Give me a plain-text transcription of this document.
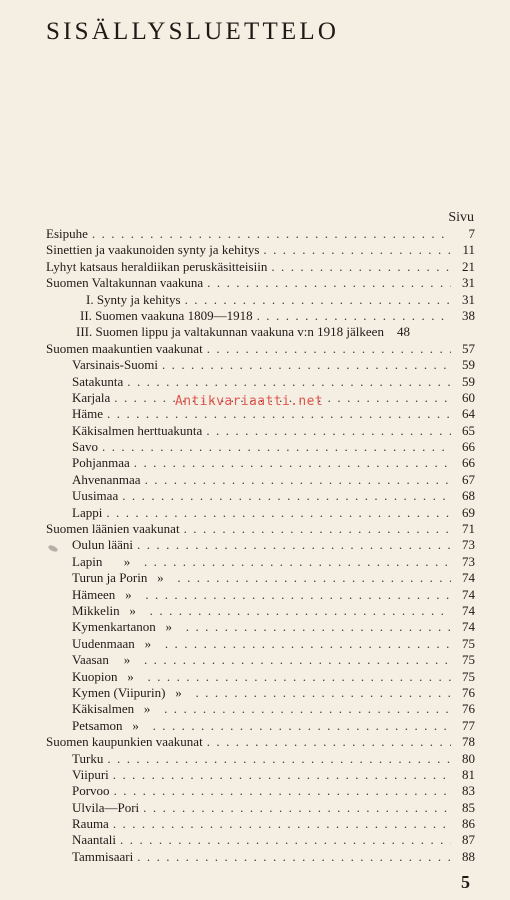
SISÄLLYSLUETTELO
Sivu
Esipuhe . . .	7
Sinettien ja vaakunoiden synty ja kehitys . . .	11
Lyhyt katsaus heraldiikan peruskäsitteisiin . . .	21
Suomen Valtakunnan vaakuna . . .	31
I. Synty ja kehitys . . .	31
II. Suomen vaakuna 1809—1918 . . .	38
III. Suomen lippu ja valtakunnan vaakuna v:n 1918 jälkeen	48
Suomen maakuntien vaakunat . . .	57
Varsinais-Suomi . . .	59
Satakunta . . .	59
Karjala . . .	60
Häme . . .	64
Käkisalmen herttuakunta . . .	65
Savo . . .	66
Pohjanmaa . . .	66
Ahvenanmaa . . .	67
Uusimaa . . .	68
Lappi . . .	69
Suomen läänien vaakunat . . .	71
Oulun lääni . . .	73
Lapin	» . . .	73
Turun ja Porin » . . .	74
Hämeen » . . .	74
Mikkelin » . . .	74
Kymenkartanon » . . .	74
Uudenmaan » . . .	75
Vaasan	» . . .	75
Kuopion » . . .	75
Kymen (Viipurin) » . . .	76
Käkisalmen » . . .	76
Petsamon » . . .	77
Suomen kaupunkien vaakunat . . .	78
Turku . . .	80
Viipuri . . .	81
Porvoo . . .	83
Ulvila—Pori . . .	85
Rauma . . .	86
Naantali . . .	87
Tammisaari . . .	88
Antikvariaatti.net
5
